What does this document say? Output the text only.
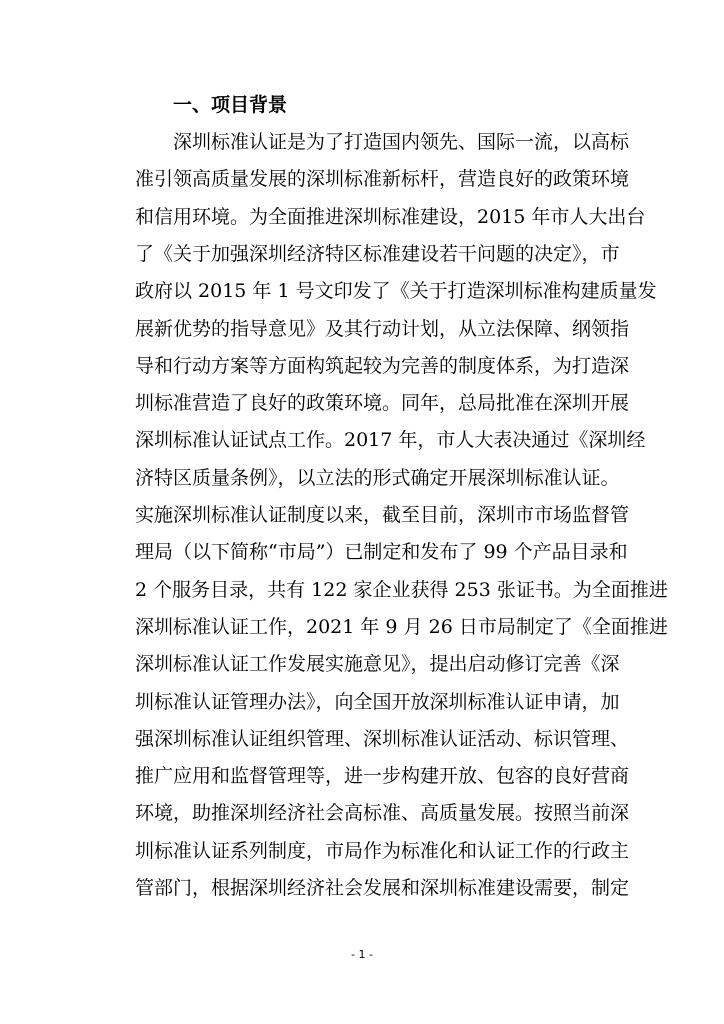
一、项目背景
深圳标准认证是为了打造国内领先、国际一流，以高标
准引领高质量发展的深圳标准新标杆，营造良好的政策环境
和信用环境。为全面推进深圳标准建设，2015 年市人大出台
了《关于加强深圳经济特区标准建设若干问题的决定》，市
政府以 2015 年 1 号文印发了《关于打造深圳标准构建质量发
展新优势的指导意见》及其行动计划，从立法保障、纲领指
导和行动方案等方面构筑起较为完善的制度体系，为打造深
圳标准营造了良好的政策环境。同年，总局批准在深圳开展
深圳标准认证试点工作。2017 年，市人大表决通过《深圳经
济特区质量条例》，以立法的形式确定开展深圳标准认证。
实施深圳标准认证制度以来，截至目前，深圳市市场监督管
理局（以下简称“市局”）已制定和发布了 99 个产品目录和
2 个服务目录，共有 122 家企业获得 253 张证书。为全面推进
深圳标准认证工作，2021 年 9 月 26 日市局制定了《全面推进
深圳标准认证工作发展实施意见》，提出启动修订完善《深
圳标准认证管理办法》，向全国开放深圳标准认证申请，加
强深圳标准认证组织管理、深圳标准认证活动、标识管理、
推广应用和监督管理等，进一步构建开放、包容的良好营商
环境，助推深圳经济社会高标准、高质量发展。按照当前深
圳标准认证系列制度，市局作为标准化和认证工作的行政主
管部门，根据深圳经济社会发展和深圳标准建设需要，制定
- 1 -
